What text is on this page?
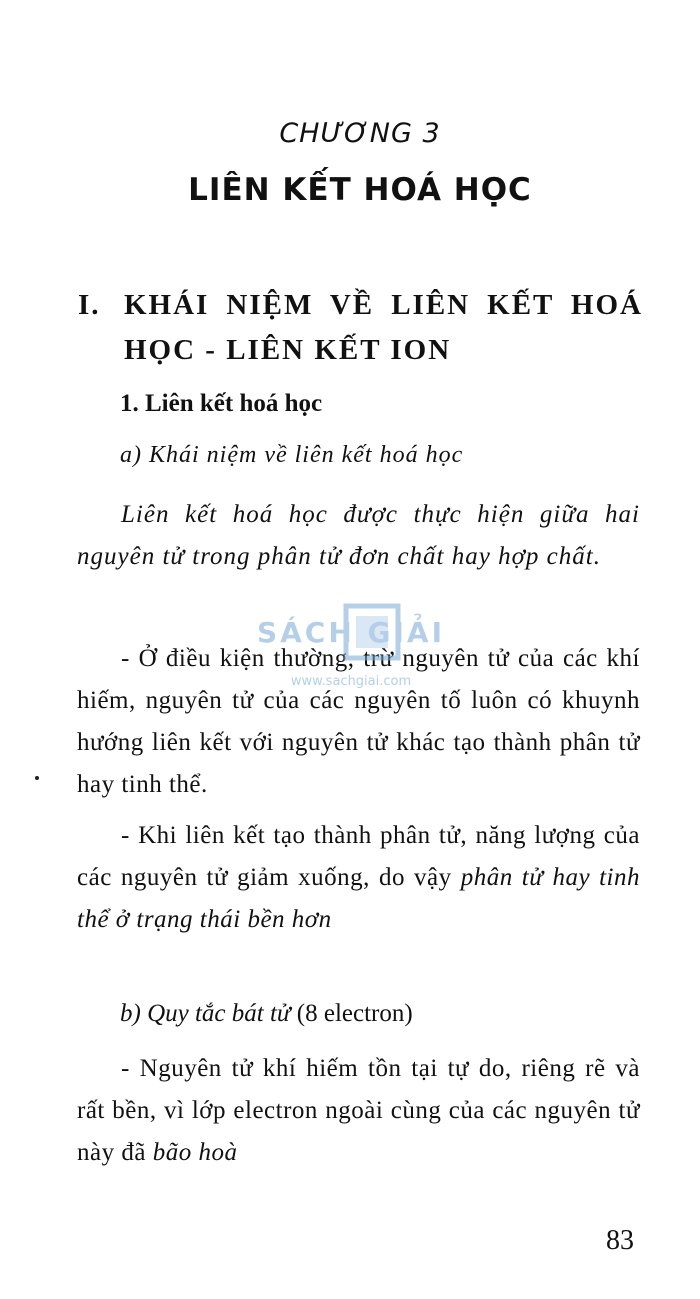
CHƯƠNG 3
LIÊN KẾT HOÁ HỌC
I. KHÁI NIỆM VỀ LIÊN KẾT HOÁ
HỌC - LIÊN KẾT ION
1. Liên kết hoá học
a) Khái niệm về liên kết hoá học
Liên kết hoá học được thực hiện giữa hai nguyên tử trong phân tử đơn chất hay hợp chất.
- Ở điều kiện thường, trừ nguyên tử của các khí hiếm, nguyên tử của các nguyên tố luôn có khuynh hướng liên kết với nguyên tử khác tạo thành phân tử hay tinh thể.
- Khi liên kết tạo thành phân tử, năng lượng của các nguyên tử giảm xuống, do vậy phân tử hay tinh thể ở trạng thái bền hơn
b) Quy tắc bát tử (8 electron)
- Nguyên tử khí hiếm tồn tại tự do, riêng rẽ và rất bền, vì lớp electron ngoài cùng của các nguyên tử này đã bão hoà
SÁCH GIẢI
www.sachgiai.com
83
